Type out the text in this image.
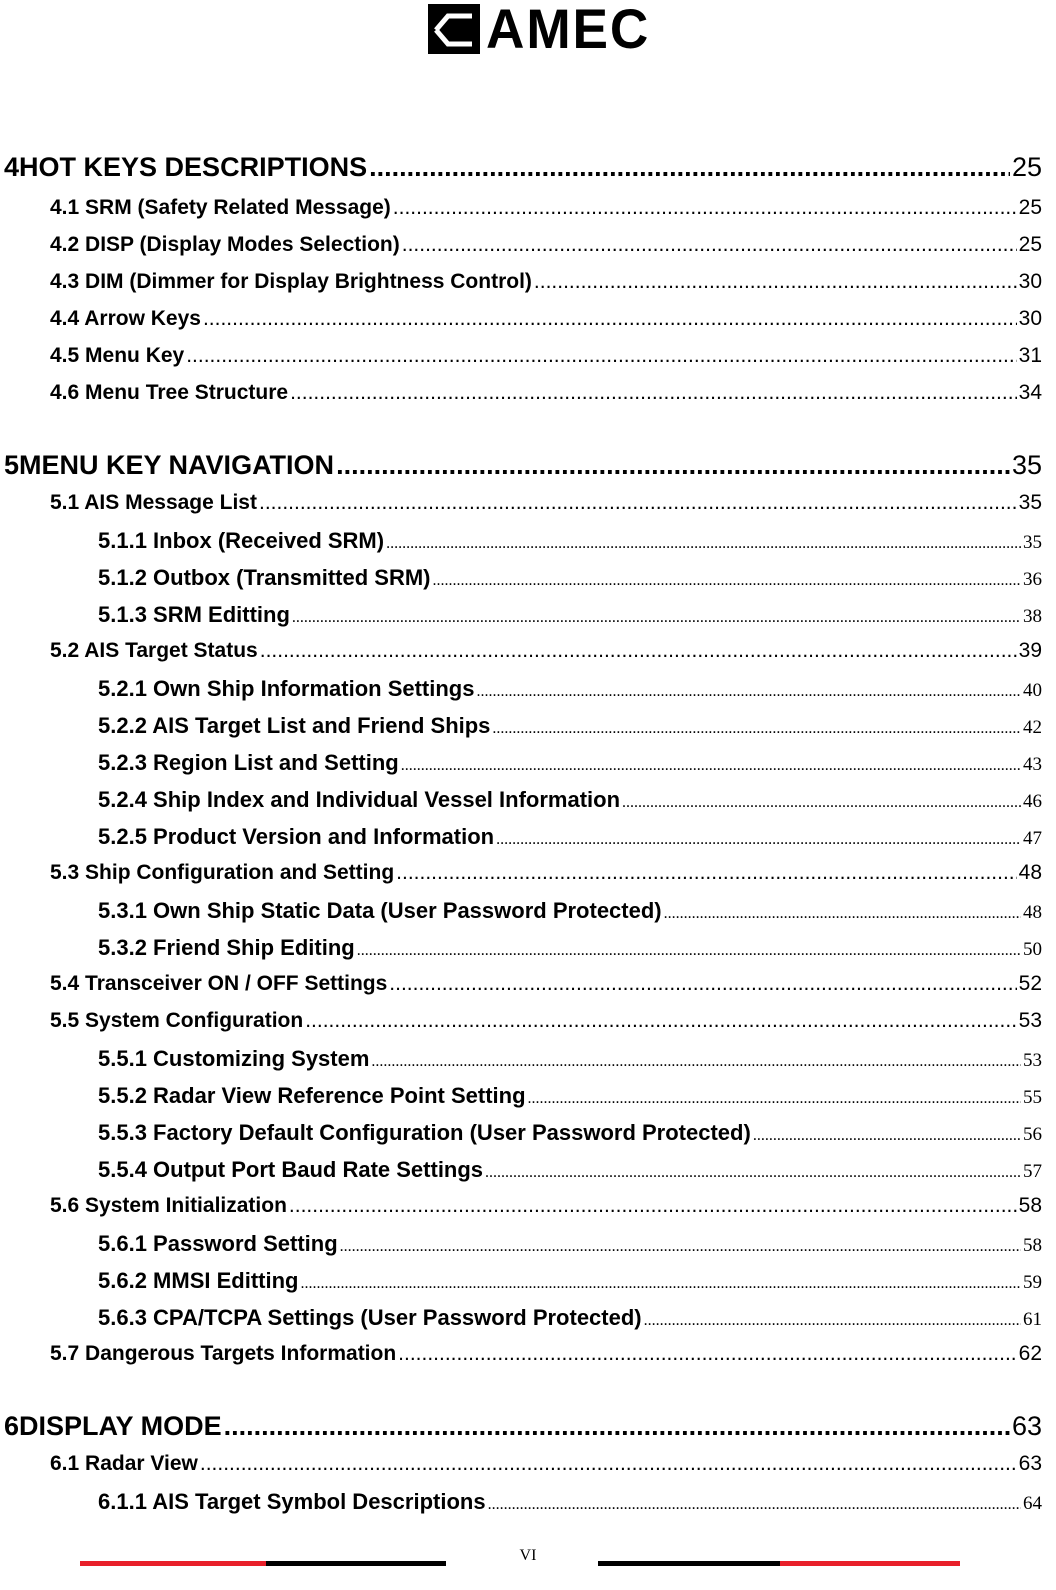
AMEC
4 HOT KEYS DESCRIPTIONS .....	25
4.1 SRM (Safety Related Message) .....	25
4.2 DISP (Display Modes Selection) .....	25
4.3 DIM (Dimmer for Display Brightness Control) .....	30
4.4 Arrow Keys .....	30
4.5 Menu Key .....	31
4.6 Menu Tree Structure .....	34
5 MENU KEY NAVIGATION .....	35
5.1 AIS Message List .....	35
5.1.1 Inbox (Received SRM) .....	35
5.1.2 Outbox (Transmitted SRM) .....	36
5.1.3 SRM Editting .....	38
5.2 AIS Target Status .....	39
5.2.1 Own Ship Information Settings .....	40
5.2.2 AIS Target List and Friend Ships .....	42
5.2.3 Region List and Setting .....	43
5.2.4 Ship Index and Individual Vessel Information .....	46
5.2.5 Product Version and Information .....	47
5.3 Ship Configuration and Setting .....	48
5.3.1 Own Ship Static Data (User Password Protected) .....	48
5.3.2 Friend Ship Editing .....	50
5.4 Transceiver ON / OFF Settings .....	52
5.5 System Configuration .....	53
5.5.1 Customizing System .....	53
5.5.2 Radar View Reference Point Setting .....	55
5.5.3 Factory Default Configuration (User Password Protected) .....	56
5.5.4 Output Port Baud Rate Settings .....	57
5.6 System Initialization .....	58
5.6.1 Password Setting .....	58
5.6.2 MMSI Editting .....	59
5.6.3 CPA/TCPA Settings (User Password Protected) .....	61
5.7 Dangerous Targets Information .....	62
6 DISPLAY MODE .....	63
6.1 Radar View .....	63
6.1.1 AIS Target Symbol Descriptions .....	64
VI
